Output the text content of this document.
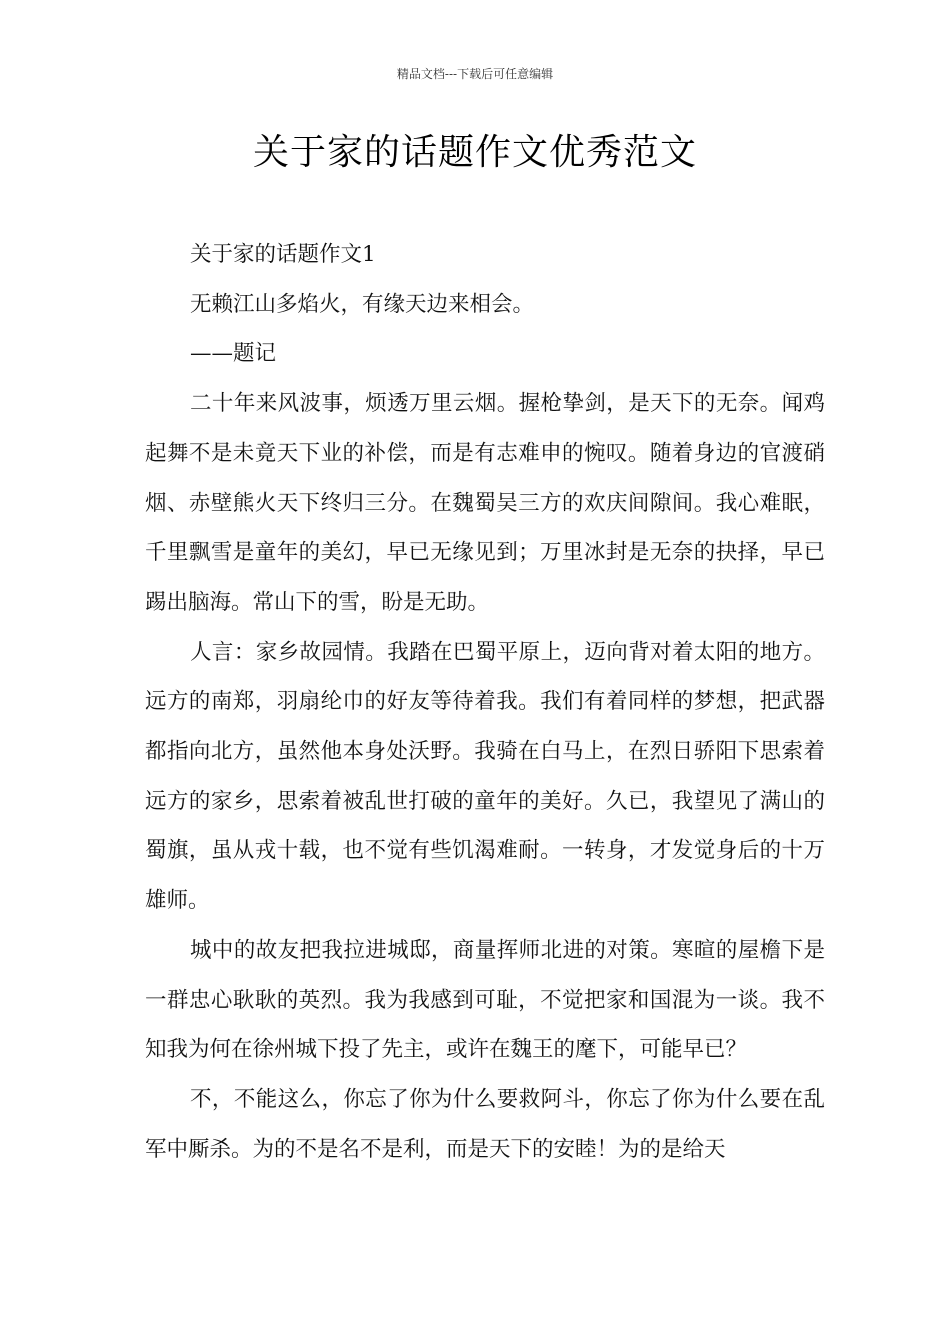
精品文档---下载后可任意编辑
关于家的话题作文优秀范文

关于家的话题作文1

无赖江山多焰火，有缘天边来相会。

——题记

二十年来风波事，烦透万里云烟。握枪挚剑，是天下的无奈。闻鸡起舞不是未竟天下业的补偿，而是有志难申的惋叹。随着身边的官渡硝烟、赤壁熊火天下终归三分。在魏蜀吴三方的欢庆间隙间。我心难眠，千里飘雪是童年的美幻，早已无缘见到；万里冰封是无奈的抉择，早已踢出脑海。常山下的雪，盼是无助。

人言：家乡故园情。我踏在巴蜀平原上，迈向背对着太阳的地方。远方的南郑，羽扇纶巾的好友等待着我。我们有着同样的梦想，把武器都指向北方，虽然他本身处沃野。我骑在白马上，在烈日骄阳下思索着远方的家乡，思索着被乱世打破的童年的美好。久已，我望见了满山的蜀旗，虽从戎十载，也不觉有些饥渴难耐。一转身，才发觉身后的十万雄师。

城中的故友把我拉进城邸，商量挥师北进的对策。寒暄的屋檐下是一群忠心耿耿的英烈。我为我感到可耻，不觉把家和国混为一谈。我不知我为何在徐州城下投了先主，或许在魏王的麾下，可能早已？

不，不能这么，你忘了你为什么要救阿斗，你忘了你为什么要在乱军中厮杀。为的不是名不是利，而是天下的安睦！为的是给天
